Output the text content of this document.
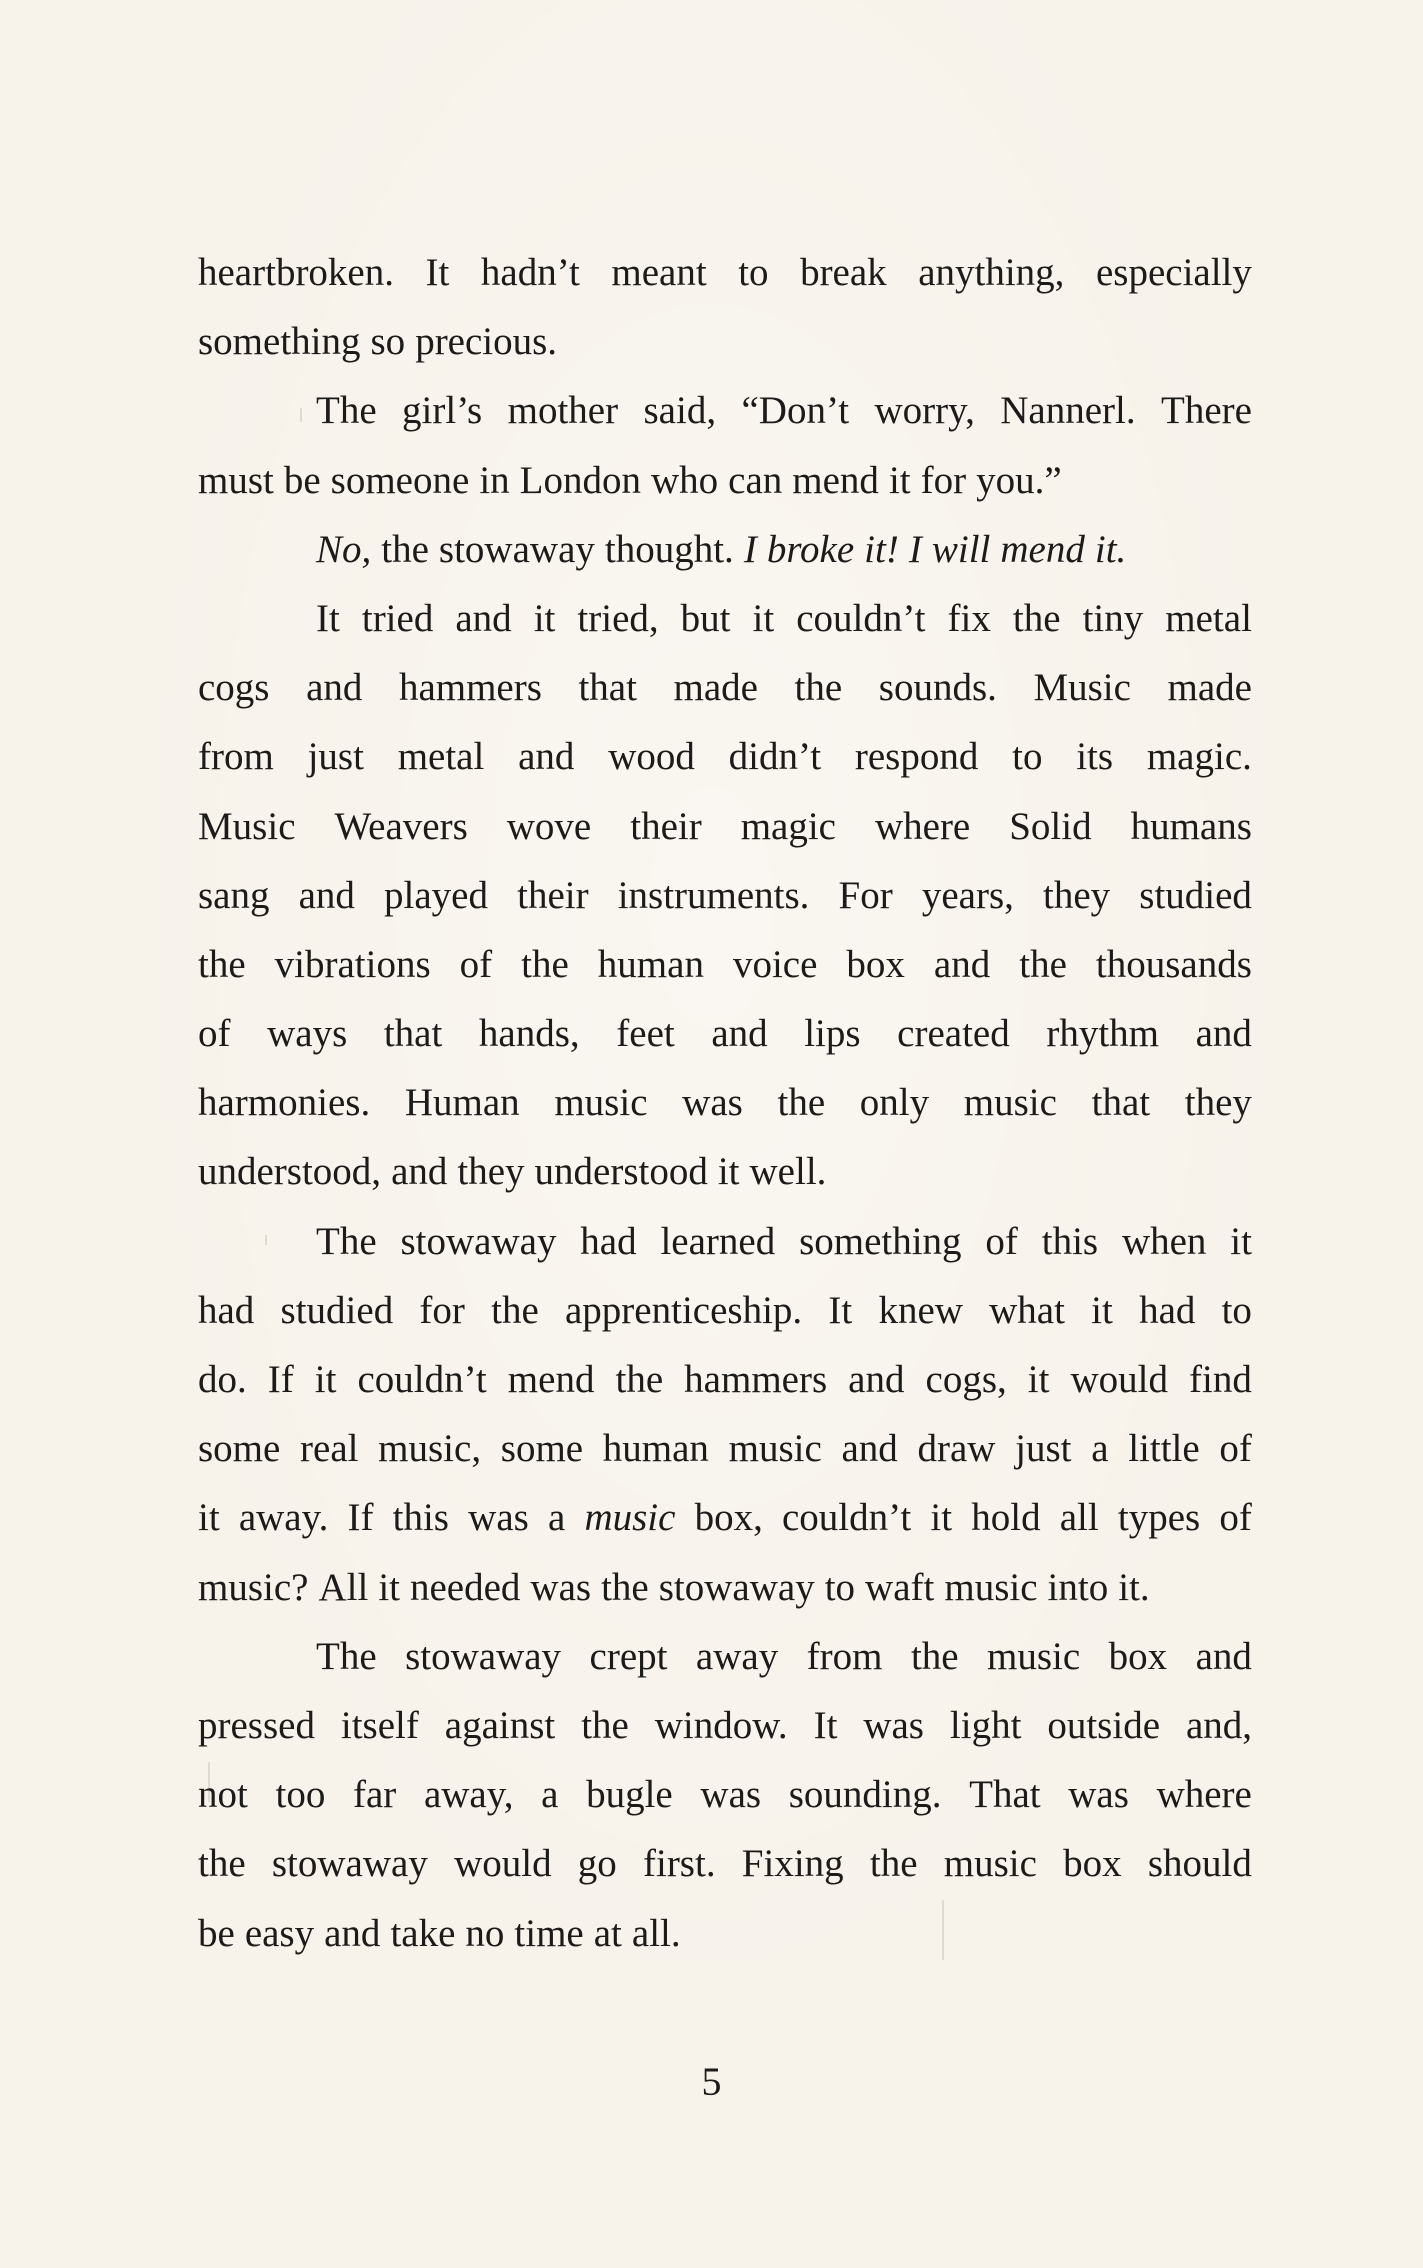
heartbroken. It hadn’t meant to break anything, especially
something so precious.
The girl’s mother said, “Don’t worry, Nannerl. There
must be someone in London who can mend it for you.”
No, the stowaway thought. I broke it! I will mend it.
It tried and it tried, but it couldn’t fix the tiny metal
cogs and hammers that made the sounds. Music made
from just metal and wood didn’t respond to its magic.
Music Weavers wove their magic where Solid humans
sang and played their instruments. For years, they studied
the vibrations of the human voice box and the thousands
of ways that hands, feet and lips created rhythm and
harmonies. Human music was the only music that they
understood, and they understood it well.
The stowaway had learned something of this when it
had studied for the apprenticeship. It knew what it had to
do. If it couldn’t mend the hammers and cogs, it would find
some real music, some human music and draw just a little of
it away. If this was a music box, couldn’t it hold all types of
music? All it needed was the stowaway to waft music into it.
The stowaway crept away from the music box and
pressed itself against the window. It was light outside and,
not too far away, a bugle was sounding. That was where
the stowaway would go first. Fixing the music box should
be easy and take no time at all.
5
